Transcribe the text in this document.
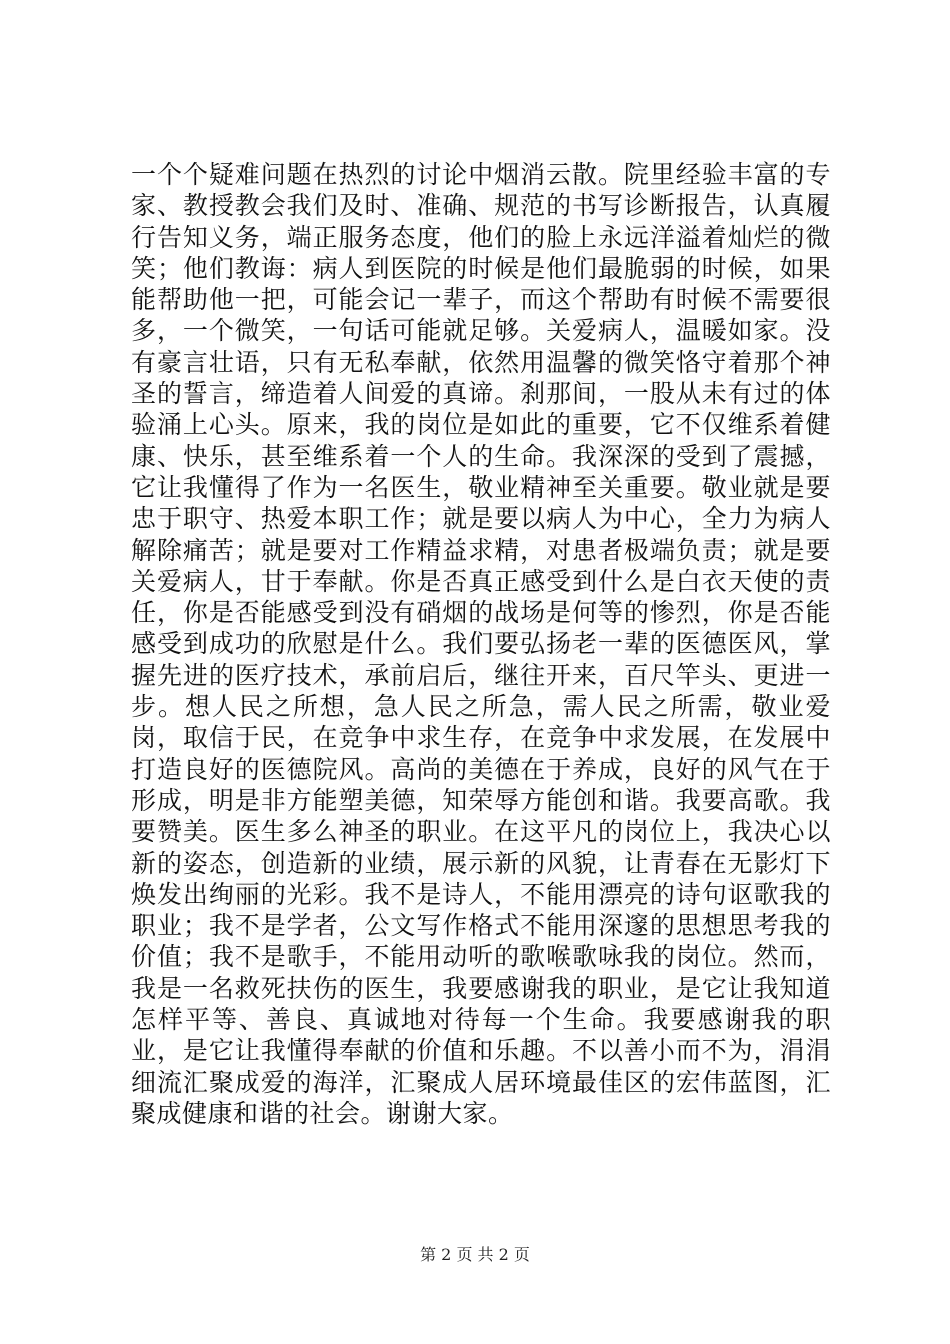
一个个疑难问题在热烈的讨论中烟消云散。院里经验丰富的专家、教授教会我们及时、准确、规范的书写诊断报告，认真履行告知义务，端正服务态度，他们的脸上永远洋溢着灿烂的微笑；他们教诲：病人到医院的时候是他们最脆弱的时候，如果能帮助他一把，可能会记一辈子，而这个帮助有时候不需要很多，一个微笑，一句话可能就足够。关爱病人，温暖如家。没有豪言壮语，只有无私奉献，依然用温馨的微笑恪守着那个神圣的誓言，缔造着人间爱的真谛。刹那间，一股从未有过的体验涌上心头。原来，我的岗位是如此的重要，它不仅维系着健康、快乐，甚至维系着一个人的生命。我深深的受到了震撼，它让我懂得了作为一名医生，敬业精神至关重要。敬业就是要忠于职守、热爱本职工作；就是要以病人为中心，全力为病人解除痛苦；就是要对工作精益求精，对患者极端负责；就是要关爱病人，甘于奉献。你是否真正感受到什么是白衣天使的责任，你是否能感受到没有硝烟的战场是何等的惨烈，你是否能感受到成功的欣慰是什么。我们要弘扬老一辈的医德医风，掌握先进的医疗技术，承前启后，继往开来，百尺竿头、更进一步。想人民之所想，急人民之所急，需人民之所需，敬业爱岗，取信于民，在竞争中求生存，在竞争中求发展，在发展中打造良好的医德院风。高尚的美德在于养成，良好的风气在于形成，明是非方能塑美德，知荣辱方能创和谐。我要高歌。我要赞美。医生多么神圣的职业。在这平凡的岗位上，我决心以新的姿态，创造新的业绩，展示新的风貌，让青春在无影灯下焕发出绚丽的光彩。我不是诗人，不能用漂亮的诗句讴歌我的职业；我不是学者，公文写作格式不能用深邃的思想思考我的价值；我不是歌手，不能用动听的歌喉歌咏我的岗位。然而，我是一名救死扶伤的医生，我要感谢我的职业，是它让我知道怎样平等、善良、真诚地对待每一个生命。我要感谢我的职业，是它让我懂得奉献的价值和乐趣。不以善小而不为，涓涓细流汇聚成爱的海洋，汇聚成人居环境最佳区的宏伟蓝图，汇聚成健康和谐的社会。谢谢大家。

第 2 页 共 2 页
